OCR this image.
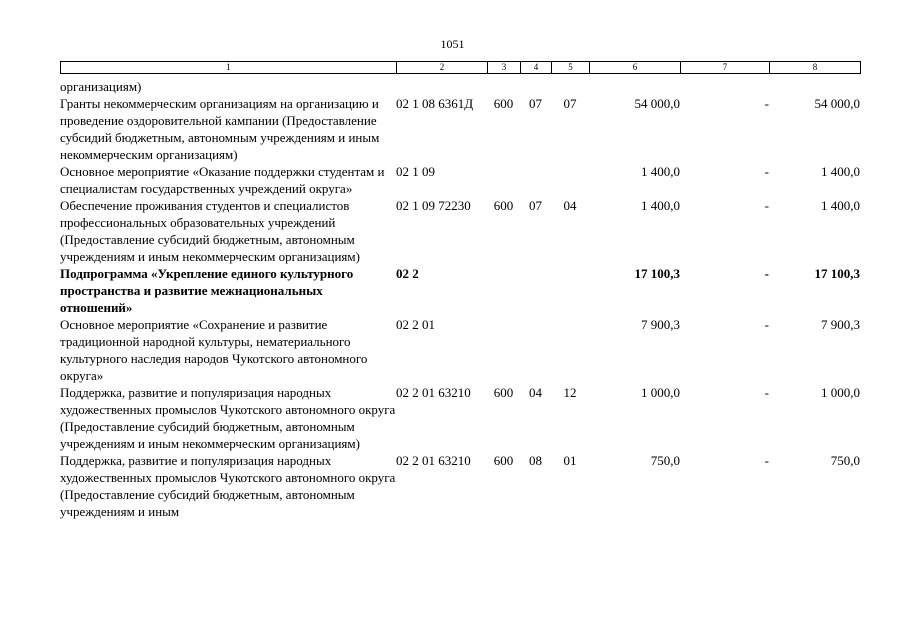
1051
1	2	3	4	5	6	7	8
организациям)							
Гранты некоммерческим организациям на организацию и проведение оздоровительной кампании (Предоставление субсидий бюджетным, автономным учреждениям и иным некоммерческим организациям)	02 1 08 6361Д	600	07	07	54 000,0	-	54 000,0
Основное мероприятие «Оказание поддержки студентам и специалистам государственных учреждений округа»	02 1 09				1 400,0	-	1 400,0
Обеспечение проживания студентов и специалистов профессиональных образовательных учреждений (Предоставление субсидий бюджетным, автономным учреждениям и иным некоммерческим организациям)	02 1 09 72230	600	07	04	1 400,0	-	1 400,0
Подпрограмма «Укрепление единого культурного пространства и развитие межнациональных отношений»	02 2				17 100,3	-	17 100,3
Основное мероприятие «Сохранение и развитие традиционной народной культуры, нематериального культурного наследия народов Чукотского автономного округа»	02 2 01				7 900,3	-	7 900,3
Поддержка, развитие и популяризация народных художественных промыслов Чукотского автономного округа (Предоставление субсидий бюджетным, автономным учреждениям и иным некоммерческим организациям)	02 2 01 63210	600	04	12	1 000,0	-	1 000,0
Поддержка, развитие и популяризация народных художественных промыслов Чукотского автономного округа (Предоставление субсидий бюджетным, автономным учреждениям и иным	02 2 01 63210	600	08	01	750,0	-	750,0
